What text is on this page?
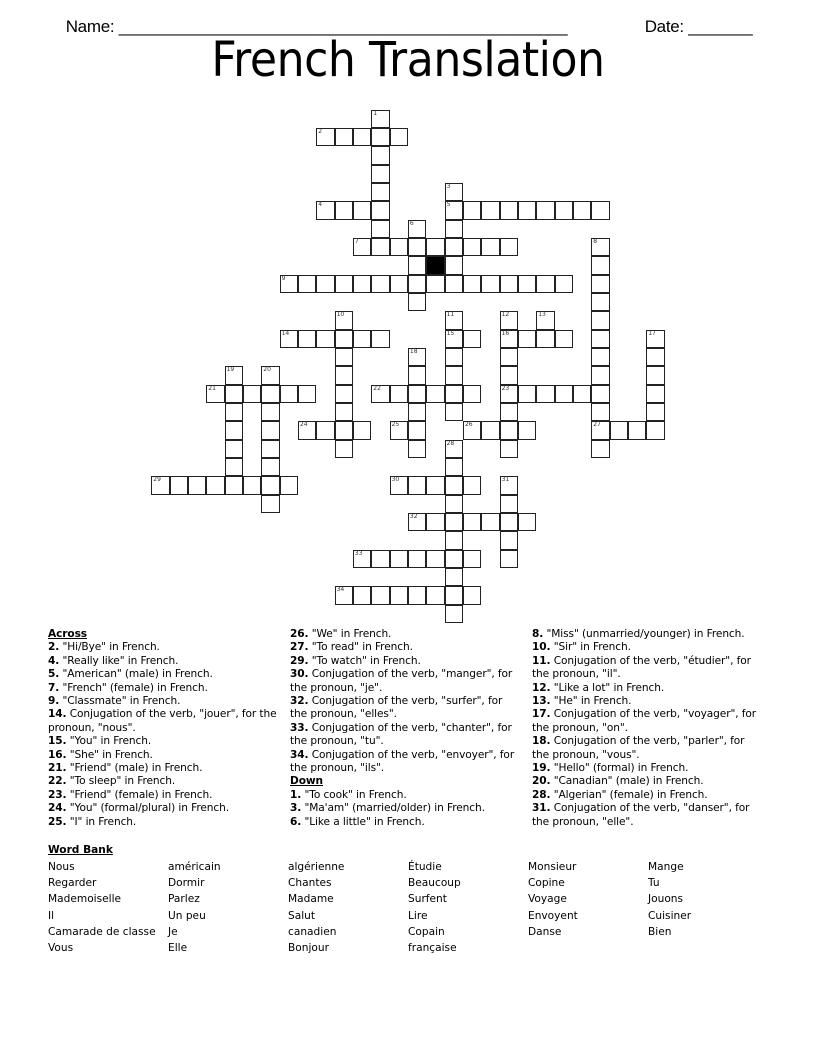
Name: _________________________________________________
	Date: _______

French Translation
1
2
3
5
4
6
7	8
27
9
10	11
15
12
16
23
13
14	17
18
19	20
21	22
24	25	26
28
29	30	31
32
33
34
Across
2. "Hi/Bye" in French.
4. "Really like" in French.
5. "American" (male) in French.
7. "French" (female) in French.
9. "Classmate" in French.
14. Conjugation of the verb, "jouer", for the pronoun, "nous".
15. "You" in French.
16. "She" in French.
21. "Friend" (male) in French.
22. "To sleep" in French.
23. "Friend" (female) in French.
24. "You" (formal/plural) in French.
25. "I" in French.
26. "We" in French.
27. "To read" in French.
29. "To watch" in French.
30. Conjugation of the verb, "manger", for the pronoun, "je".
32. Conjugation of the verb, "surfer", for the pronoun, "elles".
33. Conjugation of the verb, "chanter", for the pronoun, "tu".
34. Conjugation of the verb, "envoyer", for the pronoun, "ils".
Down
1. "To cook" in French.
3. "Ma'am" (married/older) in French.
6. "Like a little" in French.
8. "Miss" (unmarried/younger) in French.
10. "Sir" in French.
11. Conjugation of the verb, "étudier", for the pronoun, "il".
12. "Like a lot" in French.
13. "He" in French.
17. Conjugation of the verb, "voyager", for the pronoun, "on".
18. Conjugation of the verb, "parler", for the pronoun, "vous".
19. "Hello" (formal) in French.
20. "Canadian" (male) in French.
28. "Algerian" (female) in French.
31. Conjugation of the verb, "danser", for the pronoun, "elle".
Word Bank
Nous
Regarder
Mademoiselle
Il
Camarade de classe
Vous
américain
Dormir
Parlez
Un peu
Je
Elle
algérienne
Chantes
Madame
Salut
canadien
Bonjour
Étudie
Beaucoup
Surfent
Lire
Copain
française
Monsieur
Copine
Voyage
Envoyent
Danse
Mange
Tu
Jouons
Cuisiner
Bien
